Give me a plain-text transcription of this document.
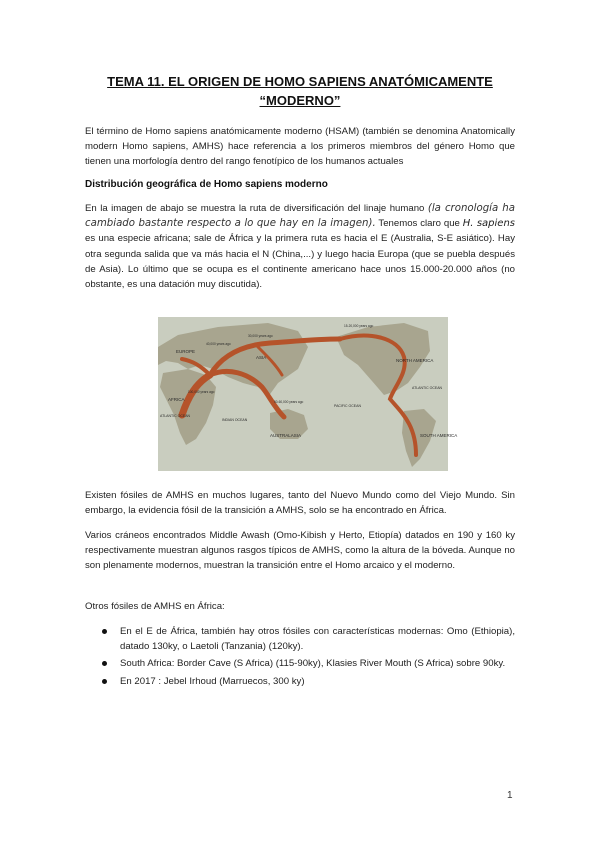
TEMA 11. EL ORIGEN DE HOMO SAPIENS ANATÓMICAMENTE
“MODERNO”
El término de Homo sapiens anatómicamente moderno (HSAM) (también se denomina Anatomically modern Homo sapiens, AMHS) hace referencia a los primeros miembros del género Homo que tienen una morfología dentro del rango fenotípico de los humanos actuales
Distribución geográfica de Homo sapiens moderno
En la imagen de abajo se muestra la ruta de diversificación del linaje humano (la cronología ha cambiado bastante respecto a lo que hay en la imagen). Tenemos claro que H. sapiens es una especie africana; sale de África y la primera ruta es hacia el E (Australia, S-E asiático). Hay otra segunda salida que va más hacia el N (China,...) y luego hacia Europa (que se puebla después de Asia). Lo último que se ocupa es el continente americano hace unos 15.000-20.000 años (no obstante, es una datación muy discutida).
EUROPE
ASIA
AFRICA
NORTH AMERICA
SOUTH AMERICA
AUSTRALASIA
ATLANTIC OCEAN
INDIAN OCEAN
PACIFIC OCEAN
ATLANTIC OCEAN
15-20,000 years ago
30,000 years ago
40,000 years ago
100,000 years ago
50-60,000 years ago
Existen fósiles de AMHS en muchos lugares, tanto del Nuevo Mundo como del Viejo Mundo. Sin embargo, la evidencia fósil de la transición a AMHS, solo se ha encontrado en África.
Varios cráneos encontrados Middle Awash (Omo-Kibish y Herto, Etiopía) datados en 190 y 160 ky respectivamente muestran algunos rasgos típicos de AMHS, como la altura de la bóveda. Aunque no son plenamente modernos, muestran la transición entre el Homo arcaico y el moderno.
Otros fósiles de AMHS en África:
En el E de África, también hay otros fósiles con características modernas: Omo (Ethiopia), datado 130ky, o Laetoli (Tanzania) (120ky).
South Africa: Border Cave (S Africa) (115-90ky), Klasies River Mouth (S Africa) sobre 90ky.
En 2017 : Jebel Irhoud (Marruecos, 300 ky)
1
